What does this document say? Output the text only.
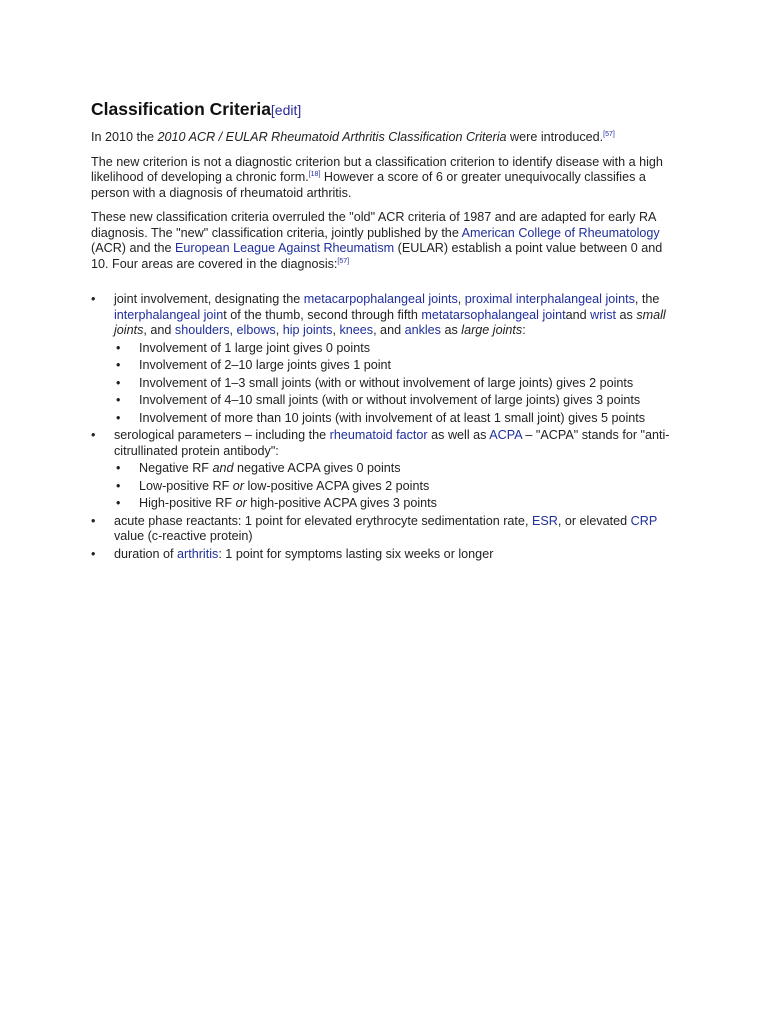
Classification Criteria[edit]

In 2010 the 2010 ACR / EULAR Rheumatoid Arthritis Classification Criteria were introduced.[57]

The new criterion is not a diagnostic criterion but a classification criterion to identify disease with a high likelihood of developing a chronic form.[18] However a score of 6 or greater unequivocally classifies a person with a diagnosis of rheumatoid arthritis.

These new classification criteria overruled the "old" ACR criteria of 1987 and are adapted for early RA diagnosis. The "new" classification criteria, jointly published by the American College of Rheumatology (ACR) and the European League Against Rheumatism (EULAR) establish a point value between 0 and 10. Four areas are covered in the diagnosis:[57]

• joint involvement, designating the metacarpophalangeal joints, proximal interphalangeal joints, the interphalangeal joint of the thumb, second through fifth metatarsophalangeal jointand wrist as small joints, and shoulders, elbows, hip joints, knees, and ankles as large joints:
• Involvement of 1 large joint gives 0 points
• Involvement of 2–10 large joints gives 1 point
• Involvement of 1–3 small joints (with or without involvement of large joints) gives 2 points
• Involvement of 4–10 small joints (with or without involvement of large joints) gives 3 points
• Involvement of more than 10 joints (with involvement of at least 1 small joint) gives 5 points
• serological parameters – including the rheumatoid factor as well as ACPA – "ACPA" stands for "anti-citrullinated protein antibody":
• Negative RF and negative ACPA gives 0 points
• Low-positive RF or low-positive ACPA gives 2 points
• High-positive RF or high-positive ACPA gives 3 points
• acute phase reactants: 1 point for elevated erythrocyte sedimentation rate, ESR, or elevated CRP value (c-reactive protein)
• duration of arthritis: 1 point for symptoms lasting six weeks or longer
